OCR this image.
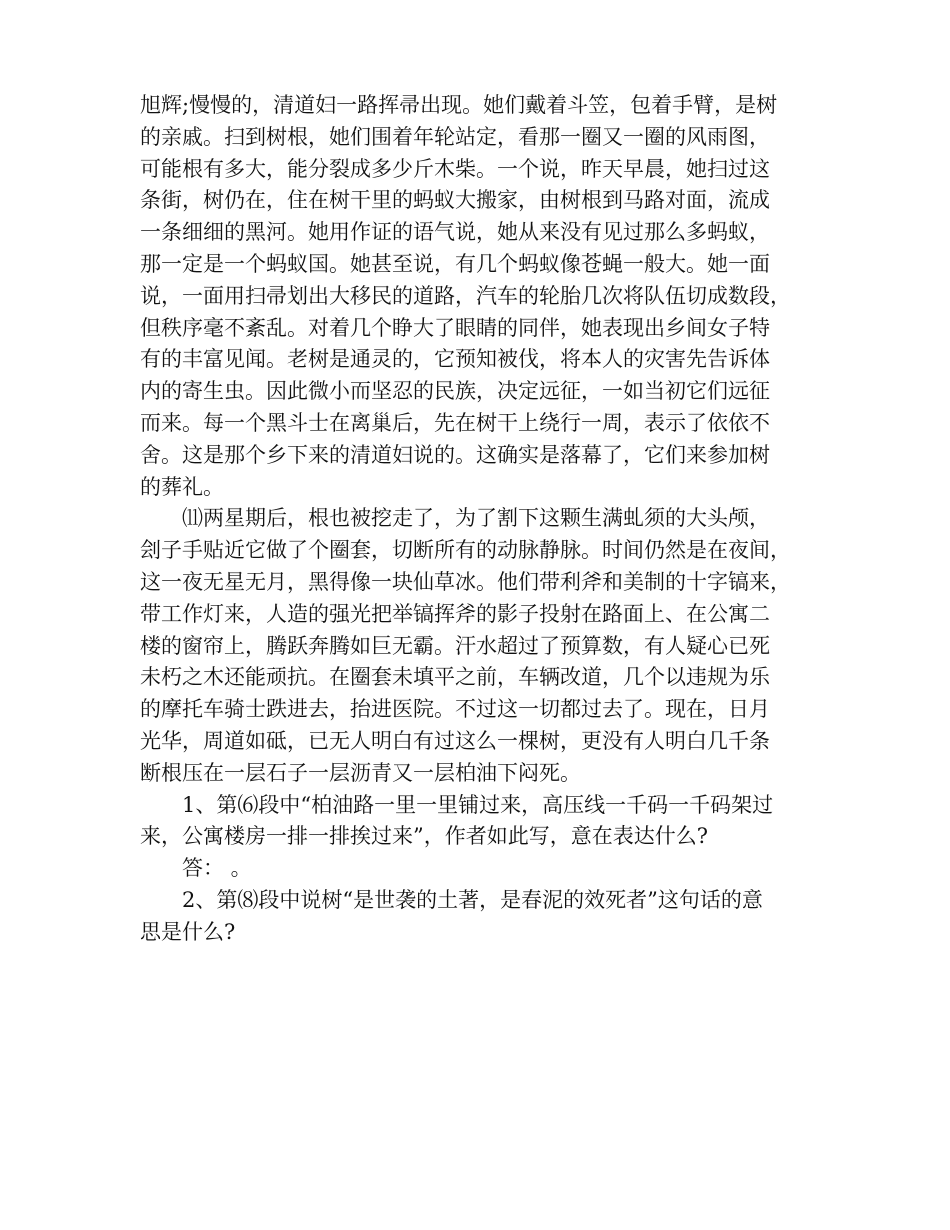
旭辉;慢慢的，清道妇一路挥帚出现。她们戴着斗笠，包着手臂，是树
的亲戚。扫到树根，她们围着年轮站定，看那一圈又一圈的风雨图，
可能根有多大，能分裂成多少斤木柴。一个说，昨天早晨，她扫过这
条街，树仍在，住在树干里的蚂蚁大搬家，由树根到马路对面，流成
一条细细的黑河。她用作证的语气说，她从来没有见过那么多蚂蚁，
那一定是一个蚂蚁国。她甚至说，有几个蚂蚁像苍蝇一般大。她一面
说，一面用扫帚划出大移民的道路，汽车的轮胎几次将队伍切成数段，
但秩序毫不紊乱。对着几个睁大了眼睛的同伴，她表现出乡间女子特
有的丰富见闻。老树是通灵的，它预知被伐，将本人的灾害先告诉体
内的寄生虫。因此微小而坚忍的民族，决定远征，一如当初它们远征
而来。每一个黑斗士在离巢后，先在树干上绕行一周，表示了依依不
舍。这是那个乡下来的清道妇说的。这确实是落幕了，它们来参加树
的葬礼。
⑾两星期后，根也被挖走了，为了割下这颗生满虬须的大头颅，
刽子手贴近它做了个圈套，切断所有的动脉静脉。时间仍然是在夜间，
这一夜无星无月，黑得像一块仙草冰。他们带利斧和美制的十字镐来，
带工作灯来，人造的强光把举镐挥斧的影子投射在路面上、在公寓二
楼的窗帘上，腾跃奔腾如巨无霸。汗水超过了预算数，有人疑心已死
未朽之木还能顽抗。在圈套未填平之前，车辆改道，几个以违规为乐
的摩托车骑士跌进去，抬进医院。不过这一切都过去了。现在，日月
光华，周道如砥，已无人明白有过这么一棵树，更没有人明白几千条
断根压在一层石子一层沥青又一层柏油下闷死。
1、第⑹段中“柏油路一里一里铺过来，高压线一千码一千码架过
来，公寓楼房一排一排挨过来”，作者如此写，意在表达什么?
答： 。
2、第⑻段中说树“是世袭的土著，是春泥的效死者”这句话的意
思是什么?
